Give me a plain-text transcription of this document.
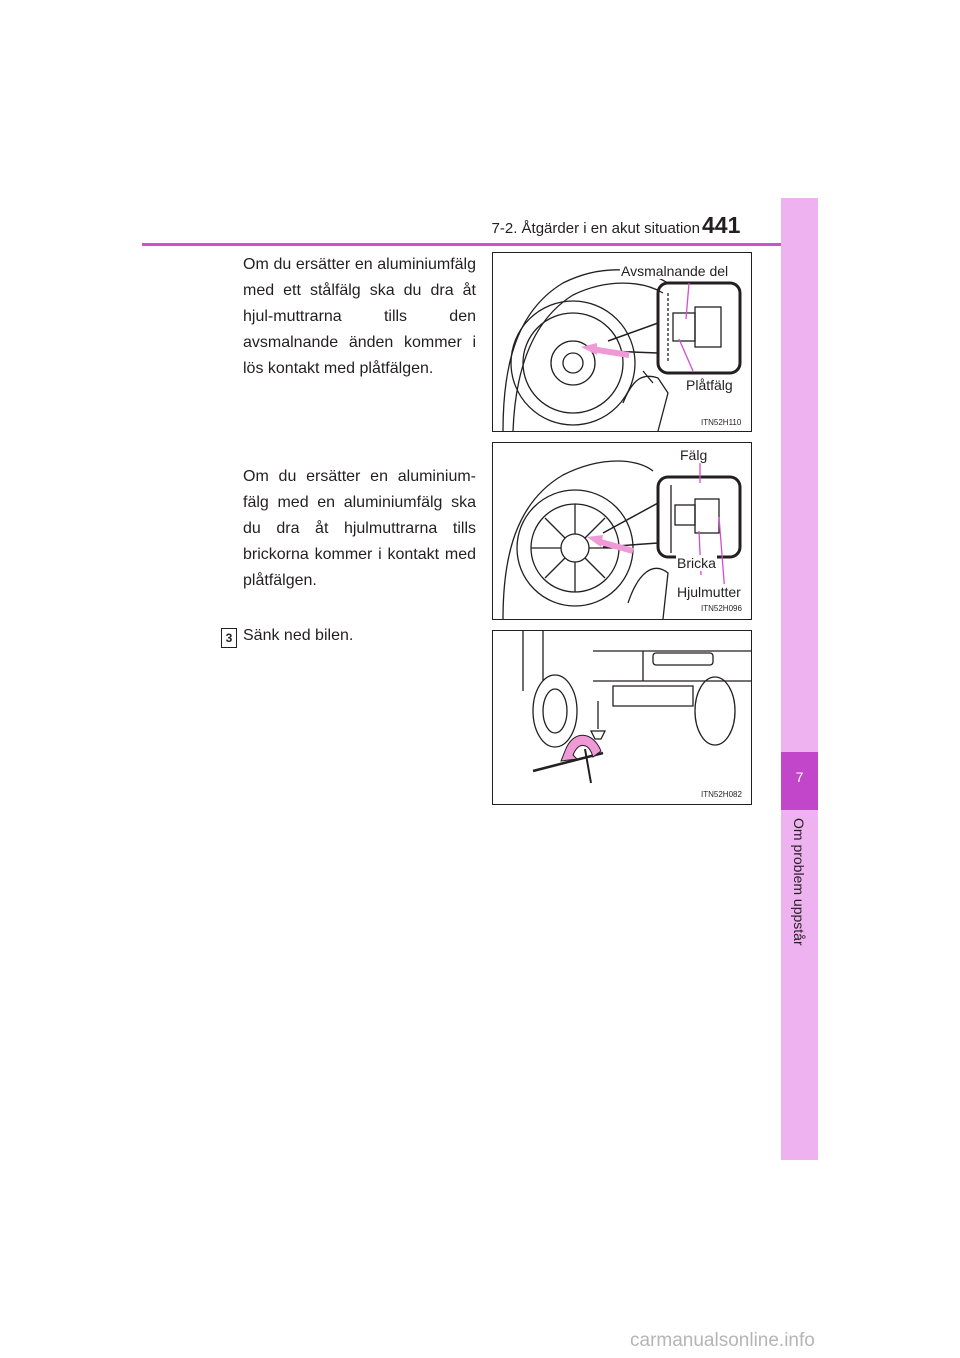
7-2. Åtgärder i en akut situation 441
7
Om problem uppstår
Om du ersätter en aluminiumfälg med ett stålfälg ska du dra åt hjul-muttrarna tills den avsmalnande änden kommer i lös kontakt med plåtfälgen.
Om du ersätter en aluminium-fälg med en aluminiumfälg ska du dra åt hjulmuttrarna tills brickorna kommer i kontakt med plåtfälgen.
3 Sänk ned bilen.
Avsmalnande del
Plåtfälg
ITN52H110
Fälg
Bricka
Hjulmutter
ITN52H096
ITN52H082
carmanualsonline.info
